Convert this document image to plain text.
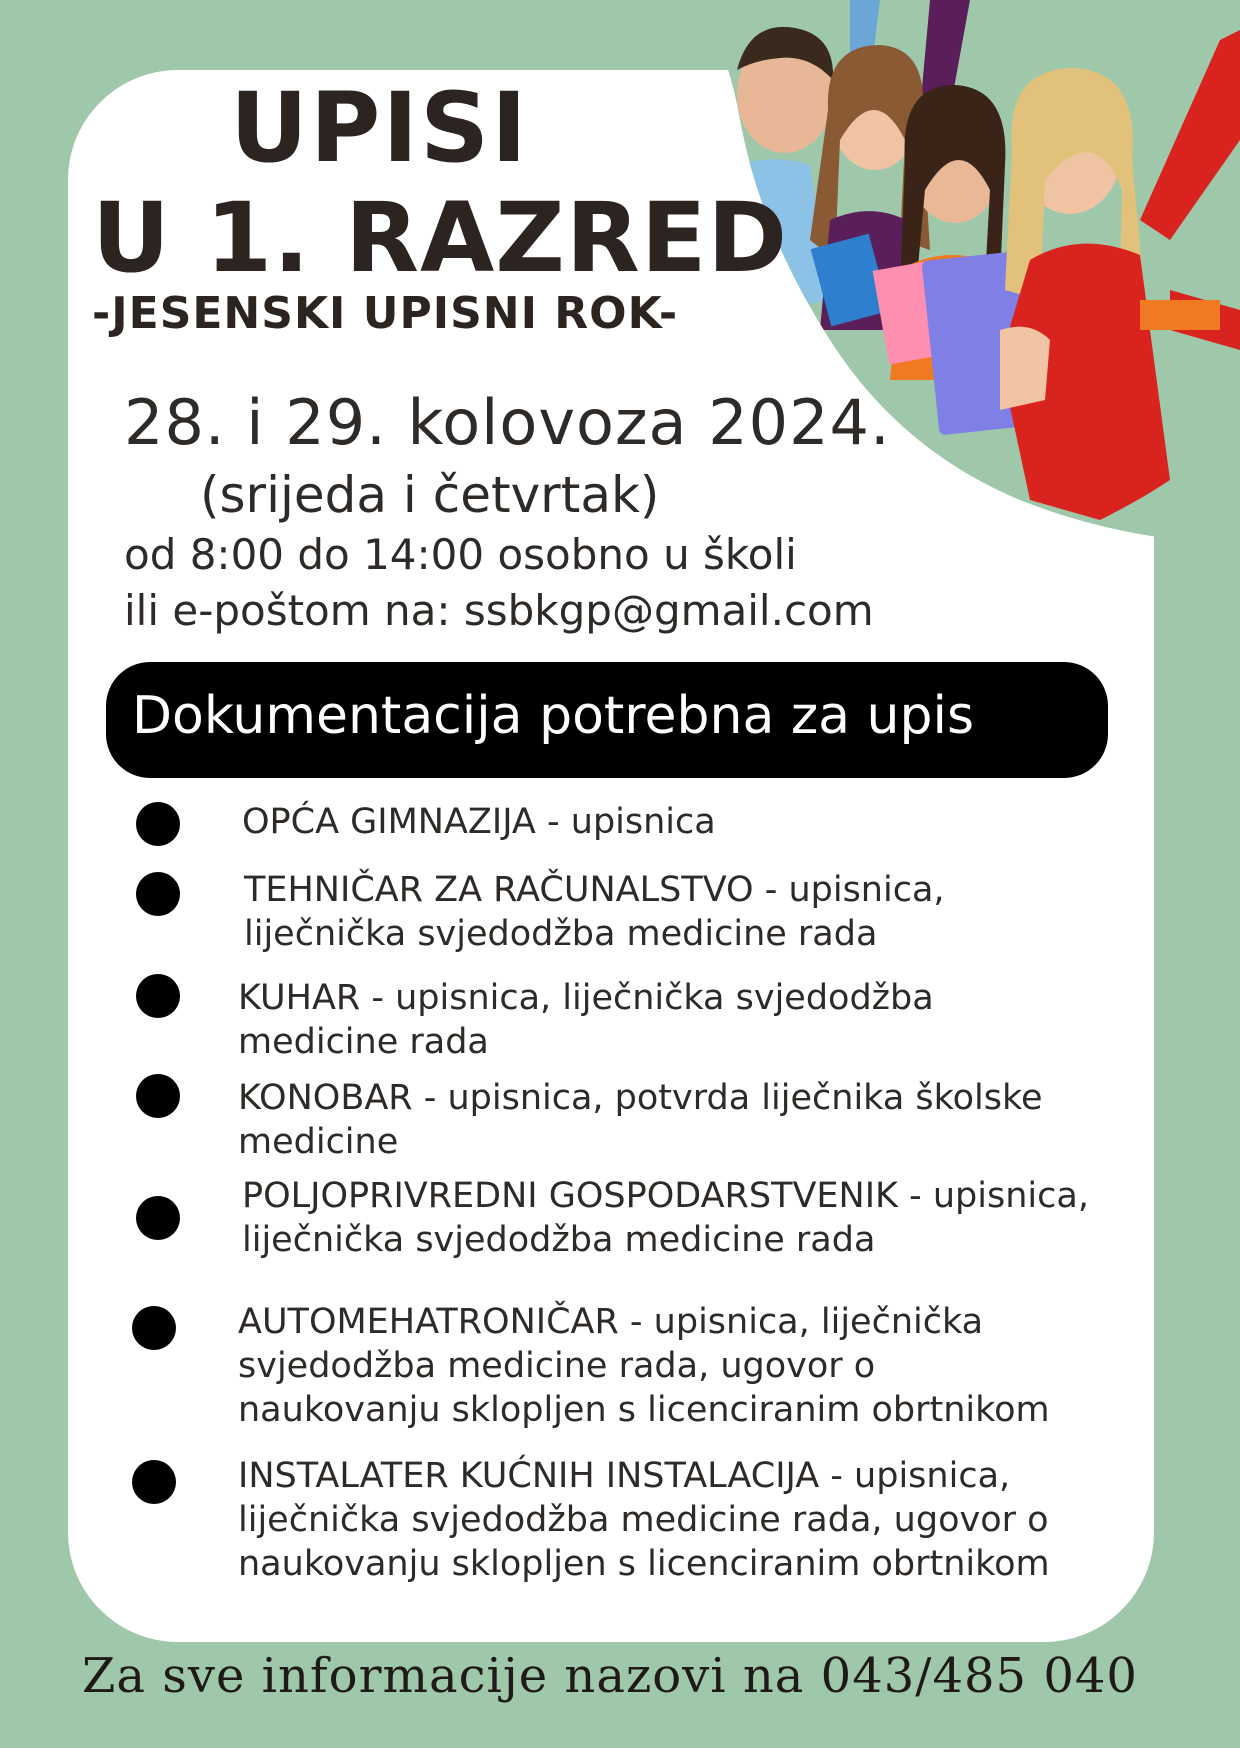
UPISI
U 1. RAZRED
-JESENSKI UPISNI ROK-
28. i 29. kolovoza 2024.
(srijeda i četvrtak)
od 8:00 do 14:00 osobno u školi
ili e-poštom na: ssbkgp@gmail.com
Dokumentacija potrebna za upis
OPĆA GIMNAZIJA - upisnica
TEHNIČAR ZA RAČUNALSTVO - upisnica,
liječnička svjedodžba medicine rada
KUHAR - upisnica, liječnička svjedodžba
medicine rada
KONOBAR - upisnica, potvrda liječnika školske
medicine
POLJOPRIVREDNI GOSPODARSTVENIK - upisnica,
liječnička svjedodžba medicine rada
AUTOMEHATRONIČAR - upisnica, liječnička
svjedodžba medicine rada, ugovor o
naukovanju sklopljen s licenciranim obrtnikom
INSTALATER KUĆNIH INSTALACIJA - upisnica,
liječnička svjedodžba medicine rada, ugovor o
naukovanju sklopljen s licenciranim obrtnikom
Za sve informacije nazovi na 043/485 040
